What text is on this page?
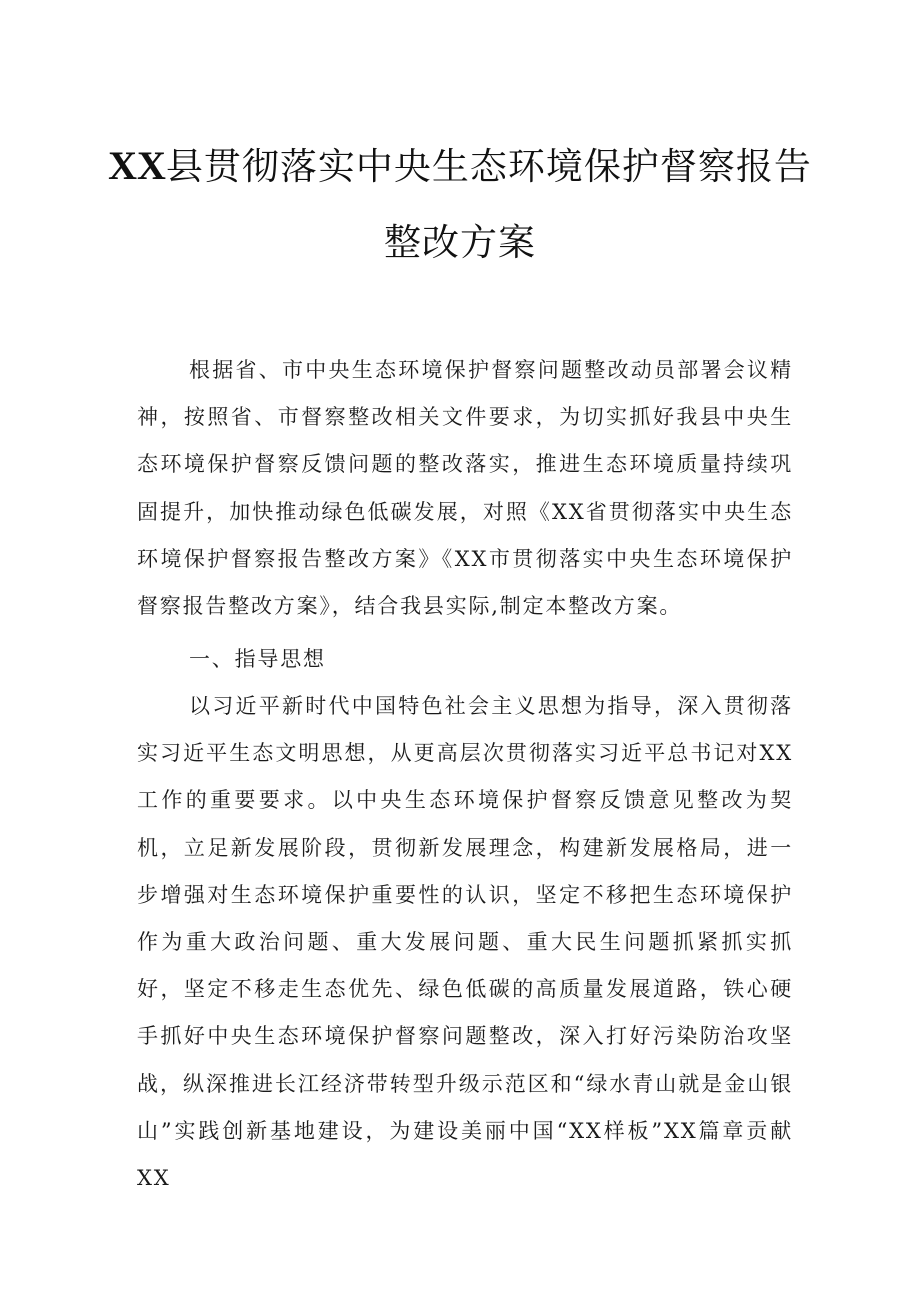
XX县贯彻落实中央生态环境保护督察报告
整改方案

根据省、市中央生态环境保护督察问题整改动员部署会议精神，按照省、市督察整改相关文件要求，为切实抓好我县中央生态环境保护督察反馈问题的整改落实，推进生态环境质量持续巩固提升，加快推动绿色低碳发展，对照《XX省贯彻落实中央生态环境保护督察报告整改方案》《XX市贯彻落实中央生态环境保护督察报告整改方案》，结合我县实际,制定本整改方案。

一、指导思想

以习近平新时代中国特色社会主义思想为指导，深入贯彻落实习近平生态文明思想，从更高层次贯彻落实习近平总书记对XX工作的重要要求。以中央生态环境保护督察反馈意见整改为契机，立足新发展阶段，贯彻新发展理念，构建新发展格局，进一步增强对生态环境保护重要性的认识，坚定不移把生态环境保护作为重大政治问题、重大发展问题、重大民生问题抓紧抓实抓好，坚定不移走生态优先、绿色低碳的高质量发展道路，铁心硬手抓好中央生态环境保护督察问题整改，深入打好污染防治攻坚战，纵深推进长江经济带转型升级示范区和“绿水青山就是金山银山”实践创新基地建设，为建设美丽中国“XX样板”XX篇章贡献XX
